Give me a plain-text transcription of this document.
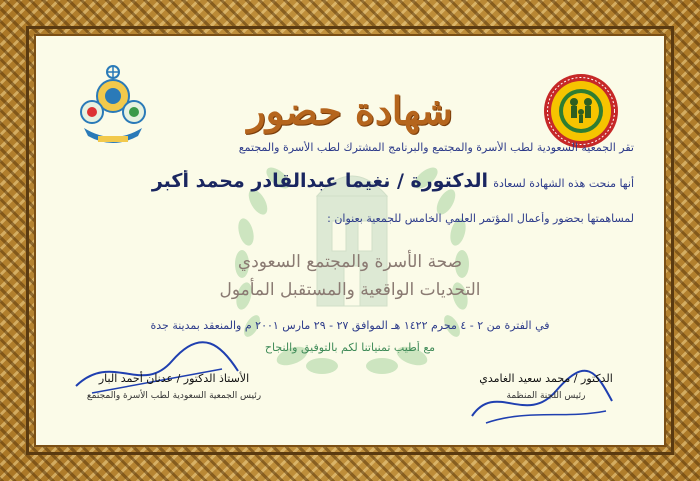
شهادة حضور
تقر الجمعية السعودية لطب الأسرة والمجتمع والبرنامج المشترك لطب الأسرة والمجتمع
أنها منحت هذه الشهادة لسعادة الدكتورة / نغيما عبدالقادر محمد أكبر
لمساهمتها بحضور وأعمال المؤتمر العلمي الخامس للجمعية بعنوان :
صحة الأسرة والمجتمع السعودي
التحديات الواقعية والمستقبل المأمول
في الفترة من ٢ - ٤ محرم ١٤٢٢ هـ الموافق ٢٧ - ٢٩ مارس ٢٠٠١ م والمنعقد بمدينة جدة
مع أطيب تمنياتنا لكم بالتوفيق والنجاح
الأستاذ الدكتور / عدنان أحمد البار
رئيس الجمعية السعودية لطب الأسرة والمجتمع
الدكتور / محمد سعيد الغامدي
رئيس اللجنة المنظمة
